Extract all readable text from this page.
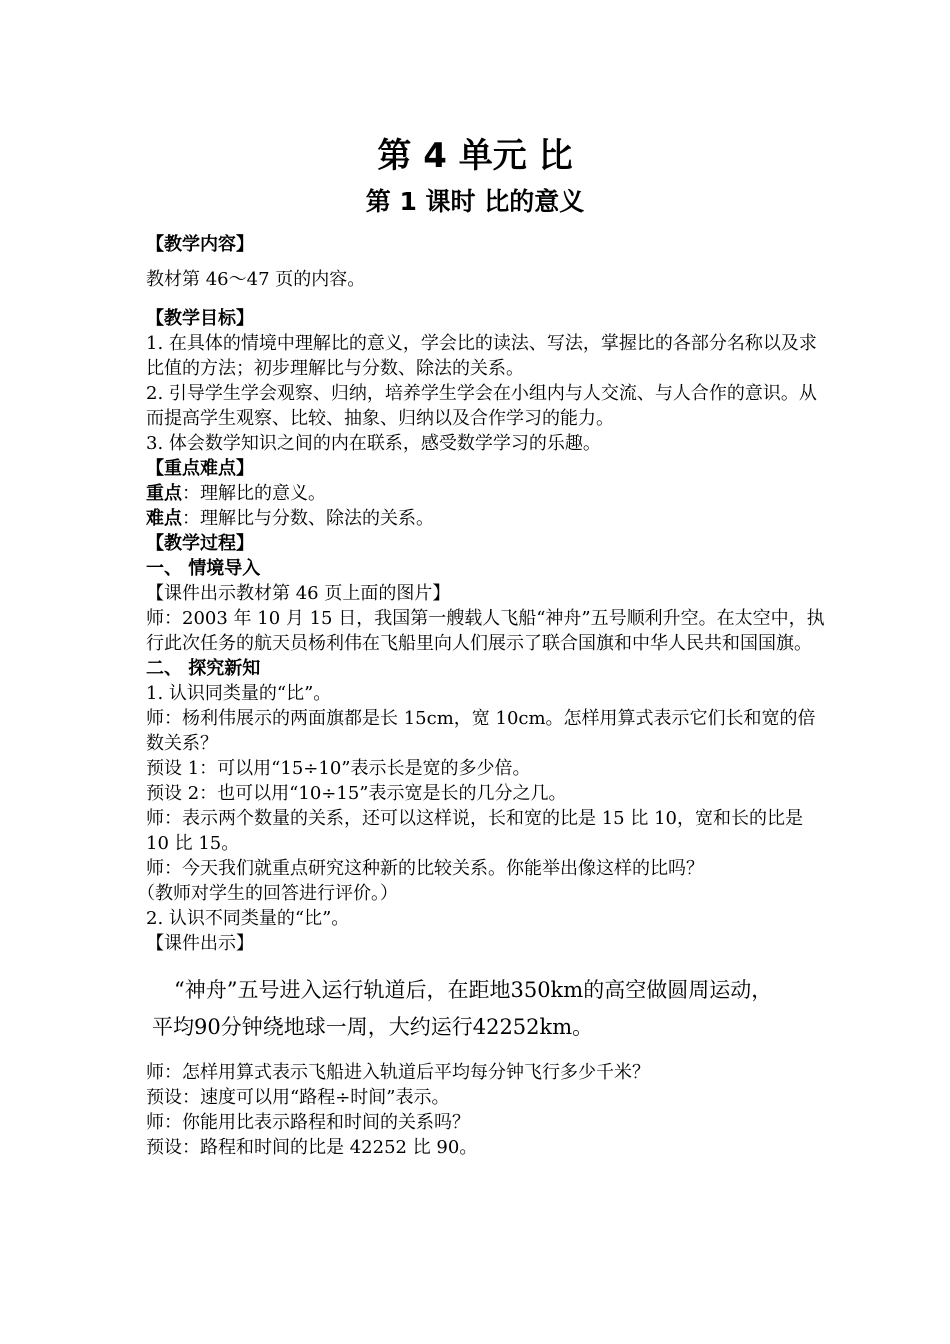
第 4 单元 比
第 1 课时 比的意义

【教学内容】

教材第 46～47 页的内容。

【教学目标】

1. 在具体的情境中理解比的意义，学会比的读法、写法，掌握比的各部分名称以及求比值的方法；初步理解比与分数、除法的关系。

2. 引导学生学会观察、归纳，培养学生学会在小组内与人交流、与人合作的意识。从而提高学生观察、比较、抽象、归纳以及合作学习的能力。

3. 体会数学知识之间的内在联系，感受数学学习的乐趣。

【重点难点】

重点：理解比的意义。

难点：理解比与分数、除法的关系。

【教学过程】

一、 情境导入

【课件出示教材第 46 页上面的图片】

师：2003 年 10 月 15 日，我国第一艘载人飞船“神舟”五号顺利升空。在太空中，执行此次任务的航天员杨利伟在飞船里向人们展示了联合国旗和中华人民共和国国旗。

二、 探究新知

1. 认识同类量的“比”。

师：杨利伟展示的两面旗都是长 15cm，宽 10cm。怎样用算式表示它们长和宽的倍数关系？

预设 1：可以用“15÷10”表示长是宽的多少倍。

预设 2：也可以用“10÷15”表示宽是长的几分之几。

师：表示两个数量的关系，还可以这样说，长和宽的比是 15 比 10，宽和长的比是 10 比 15。

师：今天我们就重点研究这种新的比较关系。你能举出像这样的比吗？

（教师对学生的回答进行评价。）

2. 认识不同类量的“比”。

【课件出示】

“神舟”五号进入运行轨道后，在距地350km的高空做圆周运动，

平均90分钟绕地球一周，大约运行42252km。

师：怎样用算式表示飞船进入轨道后平均每分钟飞行多少千米？

预设：速度可以用“路程÷时间”表示。

师：你能用比表示路程和时间的关系吗？

预设：路程和时间的比是 42252 比 90。
